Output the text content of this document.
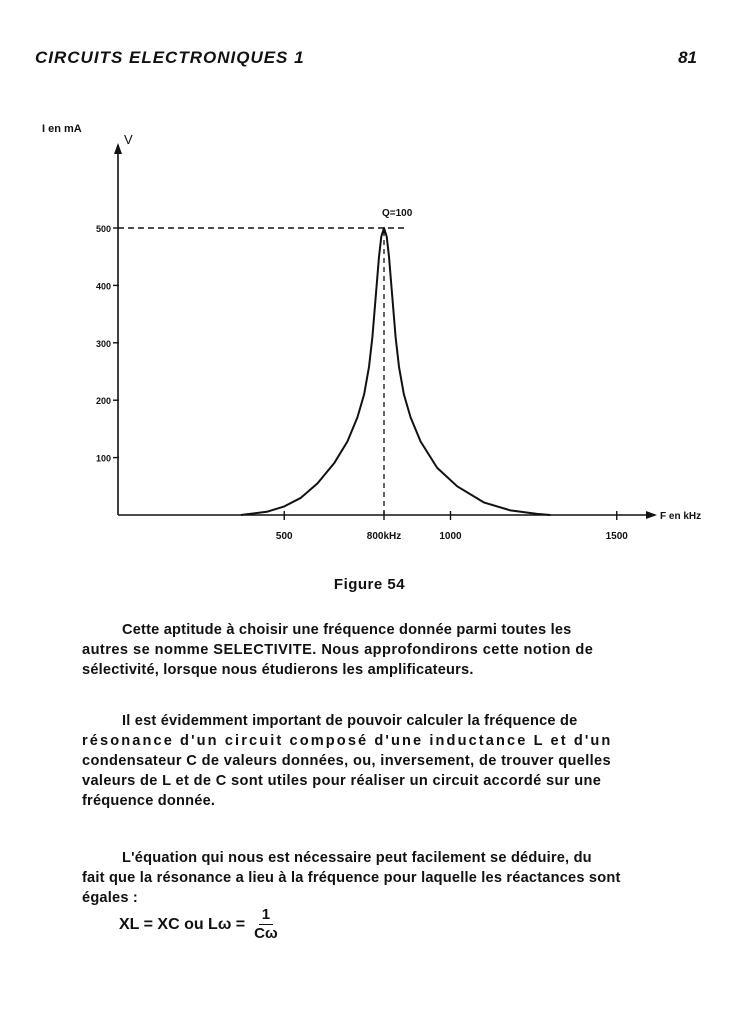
CIRCUITS ELECTRONIQUES 1	81
I en mA
V
F en kHz
100
200
300
400
500
500	800kHz	1000	1500
Q=100
Figure 54

Cette aptitude à choisir une fréquence donnée parmi toutes les
autres se nomme SELECTIVITE. Nous approfondirons cette notion de
sélectivité, lorsque nous étudierons les amplificateurs.

Il est évidemment important de pouvoir calculer la fréquence de
résonance d'un circuit composé d'une inductance L et d'un
condensateur C de valeurs données, ou, inversement, de trouver quelles
valeurs de L et de C sont utiles pour réaliser un circuit accordé sur une
fréquence donnée.

L'équation qui nous est nécessaire peut facilement se déduire, du
fait que la résonance a lieu à la fréquence pour laquelle les réactances sont
égales :

XL = XC ou $L\omega = \frac{1}{C\omega}$
